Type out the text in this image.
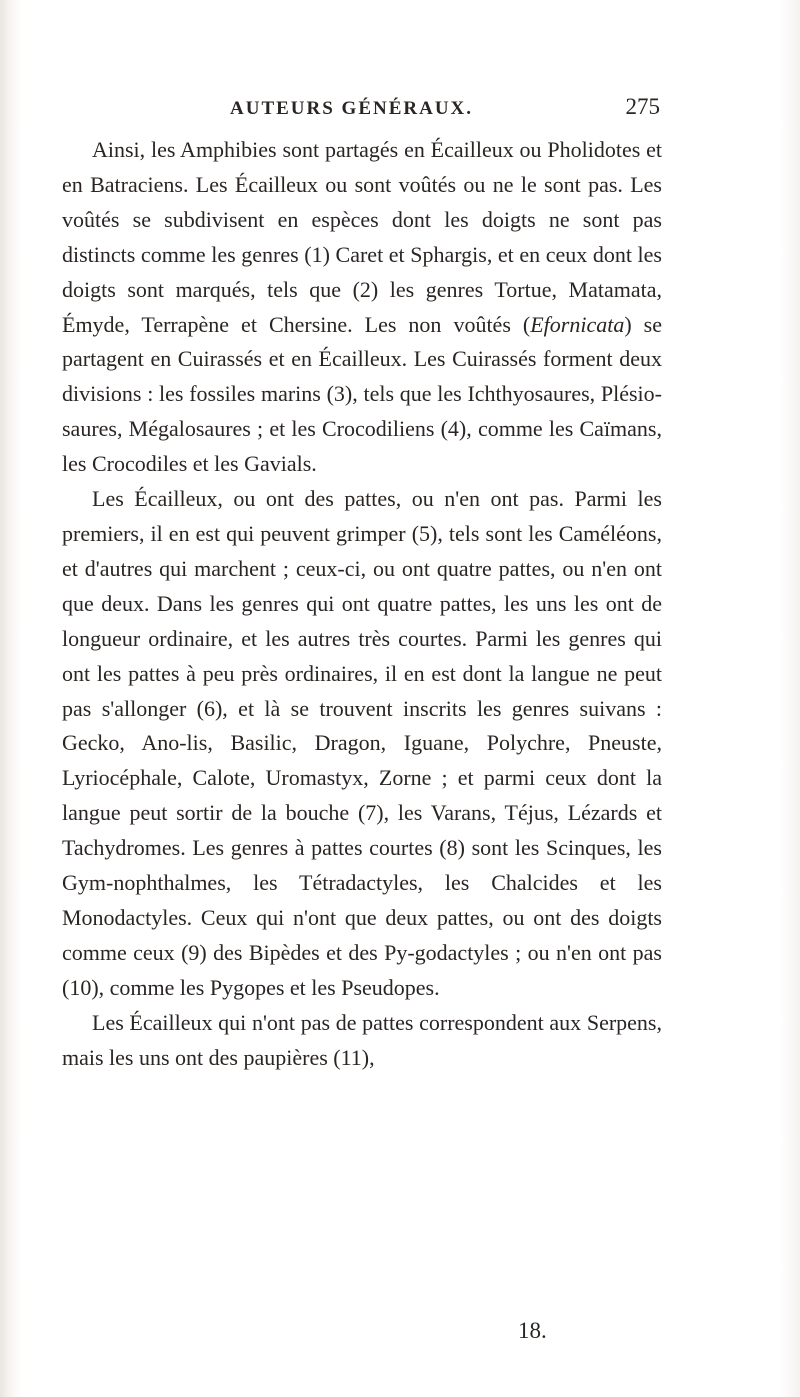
AUTEURS GÉNÉRAUX.	275

Ainsi, les Amphibies sont partagés en Écailleux ou Pholidotes et en Batraciens. Les Écailleux ou sont voûtés ou ne le sont pas. Les voûtés se subdivisent en espèces dont les doigts ne sont pas distincts comme les genres (1) Caret et Sphargis, et en ceux dont les doigts sont marqués, tels que (2) les genres Tortue, Matamata, Émyde, Terrapène et Chersine. Les non voûtés (Efornicata) se partagent en Cuirassés et en Écailleux. Les Cuirassés forment deux divisions : les fossiles marins (3), tels que les Ichthyosaures, Plésio-saures, Mégalosaures ; et les Crocodiliens (4), comme les Caïmans, les Crocodiles et les Gavials.

Les Écailleux, ou ont des pattes, ou n'en ont pas. Parmi les premiers, il en est qui peuvent grimper (5), tels sont les Caméléons, et d'autres qui marchent ; ceux-ci, ou ont quatre pattes, ou n'en ont que deux. Dans les genres qui ont quatre pattes, les uns les ont de longueur ordinaire, et les autres très courtes. Parmi les genres qui ont les pattes à peu près ordinaires, il en est dont la langue ne peut pas s'allonger (6), et là se trouvent inscrits les genres suivans : Gecko, Ano-lis, Basilic, Dragon, Iguane, Polychre, Pneuste, Lyriocéphale, Calote, Uromastyx, Zorne ; et parmi ceux dont la langue peut sortir de la bouche (7), les Varans, Téjus, Lézards et Tachydromes. Les genres à pattes courtes (8) sont les Scinques, les Gym-nophthalmes, les Tétradactyles, les Chalcides et les Monodactyles. Ceux qui n'ont que deux pattes, ou ont des doigts comme ceux (9) des Bipèdes et des Py-godactyles ; ou n'en ont pas (10), comme les Pygopes et les Pseudopes.

Les Écailleux qui n'ont pas de pattes correspondent aux Serpens, mais les uns ont des paupières (11),

18.
